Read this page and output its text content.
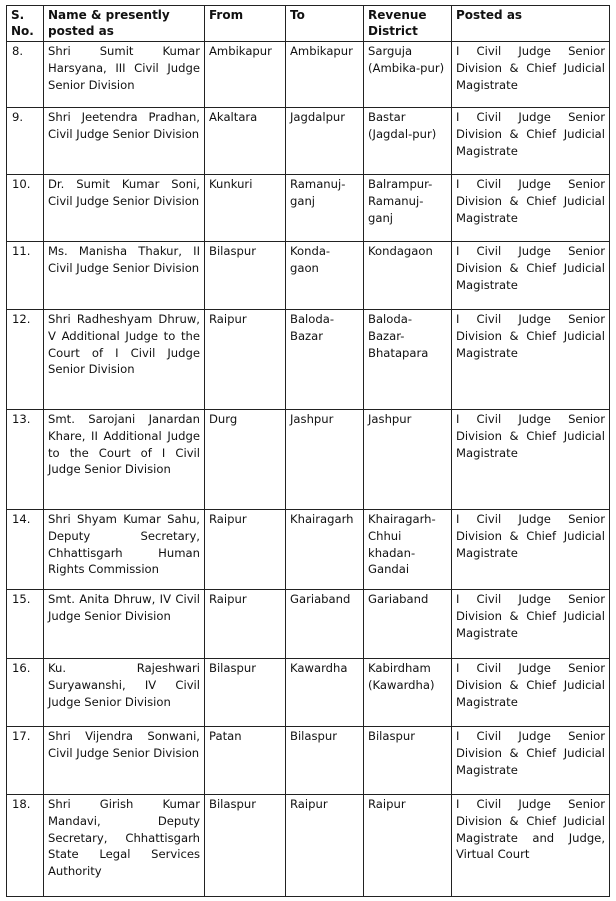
S. No.	Name & presently posted as	From	To	Revenue District	Posted as
8.	Shri Sumit Kumar Harsyana, III Civil Judge Senior Division	Ambikapur	Ambikapur	Sarguja (Ambika-pur)	I Civil Judge Senior Division & Chief Judicial Magistrate
9.	Shri Jeetendra Pradhan, Civil Judge Senior Division	Akaltara	Jagdalpur	Bastar (Jagdal-pur)	I Civil Judge Senior Division & Chief Judicial Magistrate
10.	Dr. Sumit Kumar Soni, Civil Judge Senior Division	Kunkuri	Ramanuj-ganj	Balrampur-Ramanuj-ganj	I Civil Judge Senior Division & Chief Judicial Magistrate
11.	Ms. Manisha Thakur, II Civil Judge Senior Division	Bilaspur	Konda-gaon	Kondagaon	I Civil Judge Senior Division & Chief Judicial Magistrate
12.	Shri Radheshyam Dhruw, V Additional Judge to the Court of I Civil Judge Senior Division	Raipur	Baloda-Bazar	Baloda-Bazar-Bhatapara	I Civil Judge Senior Division & Chief Judicial Magistrate
13.	Smt. Sarojani Janardan Khare, II Additional Judge to the Court of I Civil Judge Senior Division	Durg	Jashpur	Jashpur	I Civil Judge Senior Division & Chief Judicial Magistrate
14.	Shri Shyam Kumar Sahu, Deputy Secretary, Chhattisgarh Human Rights Commission	Raipur	Khairagarh	Khairagarh-Chhui khadan-Gandai	I Civil Judge Senior Division & Chief Judicial Magistrate
15.	Smt. Anita Dhruw, IV Civil Judge Senior Division	Raipur	Gariaband	Gariaband	I Civil Judge Senior Division & Chief Judicial Magistrate
16.	Ku. Rajeshwari Suryawanshi, IV Civil Judge Senior Division	Bilaspur	Kawardha	Kabirdham (Kawardha)	I Civil Judge Senior Division & Chief Judicial Magistrate
17.	Shri Vijendra Sonwani, Civil Judge Senior Division	Patan	Bilaspur	Bilaspur	I Civil Judge Senior Division & Chief Judicial Magistrate
18.	Shri Girish Kumar Mandavi, Deputy Secretary, Chhattisgarh State Legal Services Authority	Bilaspur	Raipur	Raipur	I Civil Judge Senior Division & Chief Judicial Magistrate and Judge, Virtual Court
